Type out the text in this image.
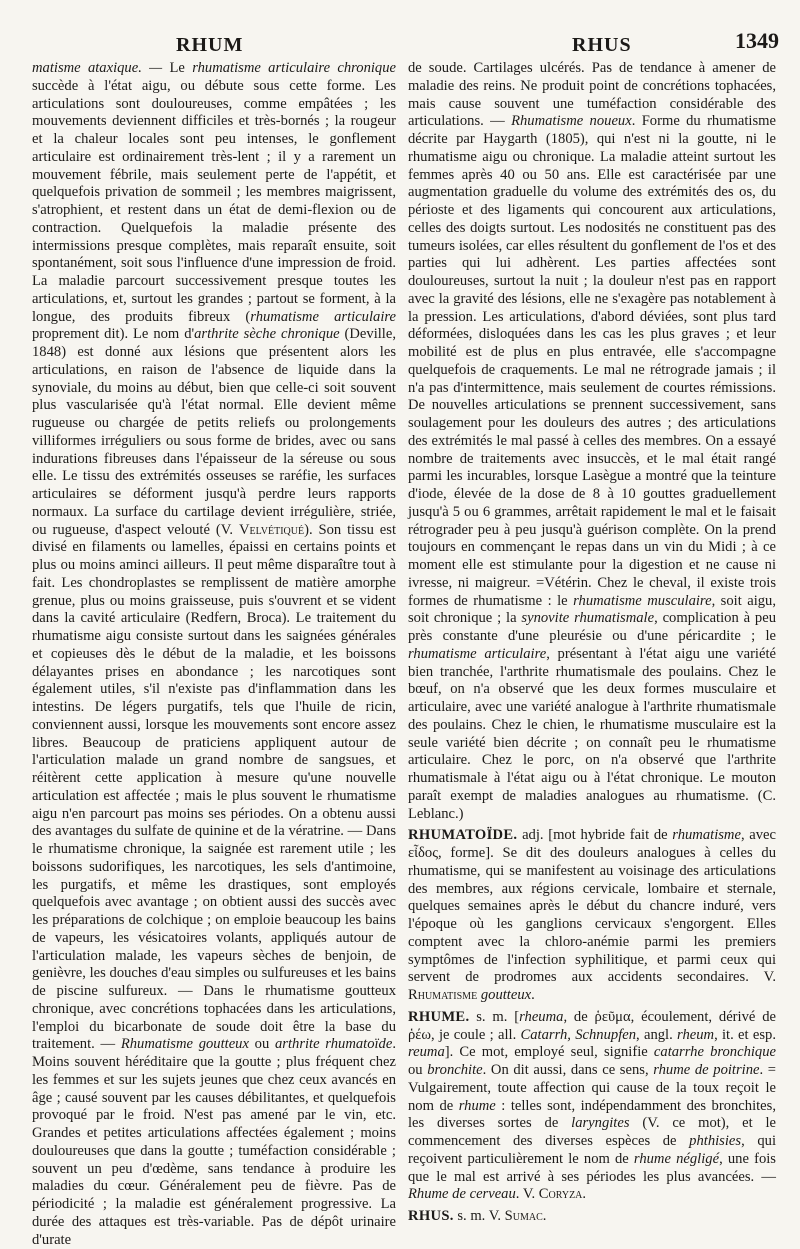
RHUM	RHUS	1349

matisme ataxique. — Le rhumatisme articulaire chronique succède à l'état aigu, ou débute sous cette forme. Les articulations sont douloureuses, comme empâtées ; les mouvements deviennent difficiles et très-bornés ; la rougeur et la chaleur locales sont peu intenses, le gonflement articulaire est ordinairement très-lent ; il y a rarement un mouvement fébrile, mais seulement perte de l'appétit, et quelquefois privation de sommeil ; les membres maigrissent, s'atrophient, et restent dans un état de demi-flexion ou de contraction. Quelquefois la maladie présente des intermissions presque complètes, mais reparaît ensuite, soit spontanément, soit sous l'influence d'une impression de froid. La maladie parcourt successivement presque toutes les articulations, et, surtout les grandes ; partout se forment, à la longue, des produits fibreux (rhumatisme articulaire proprement dit). Le nom d'arthrite sèche chronique (Deville, 1848) est donné aux lésions que présentent alors les articulations, en raison de l'absence de liquide dans la synoviale, du moins au début, bien que celle-ci soit souvent plus vascularisée qu'à l'état normal. Elle devient même rugueuse ou chargée de petits reliefs ou prolongements villiformes irréguliers ou sous forme de brides, avec ou sans indurations fibreuses dans l'épaisseur de la séreuse ou sous elle. Le tissu des extrémités osseuses se raréfie, les surfaces articulaires se déforment jusqu'à perdre leurs rapports normaux. La surface du cartilage devient irrégulière, striée, ou rugueuse, d'aspect velouté (V. Velvétiqué). Son tissu est divisé en filaments ou lamelles, épaissi en certains points et plus ou moins aminci ailleurs. Il peut même disparaître tout à fait. Les chondroplastes se remplissent de matière amorphe grenue, plus ou moins graisseuse, puis s'ouvrent et se vident dans la cavité articulaire (Redfern, Broca). Le traitement du rhumatisme aigu consiste surtout dans les saignées générales et copieuses dès le début de la maladie, et les boissons délayantes prises en abondance ; les narcotiques sont également utiles, s'il n'existe pas d'inflammation dans les intestins. De légers purgatifs, tels que l'huile de ricin, conviennent aussi, lorsque les mouvements sont encore assez libres. Beaucoup de praticiens appliquent autour de l'articulation malade un grand nombre de sangsues, et réitèrent cette application à mesure qu'une nouvelle articulation est affectée ; mais le plus souvent le rhumatisme aigu n'en parcourt pas moins ses périodes. On a obtenu aussi des avantages du sulfate de quinine et de la vératrine. — Dans le rhumatisme chronique, la saignée est rarement utile ; les boissons sudorifiques, les narcotiques, les sels d'antimoine, les purgatifs, et même les drastiques, sont employés quelquefois avec avantage ; on obtient aussi des succès avec les préparations de colchique ; on emploie beaucoup les bains de vapeurs, les vésicatoires volants, appliqués autour de l'articulation malade, les vapeurs sèches de benjoin, de genièvre, les douches d'eau simples ou sulfureuses et les bains de piscine sulfureux. — Dans le rhumatisme goutteux chronique, avec concrétions tophacées dans les articulations, l'emploi du bicarbonate de soude doit être la base du traitement. — Rhumatisme goutteux ou arthrite rhumatoïde. Moins souvent héréditaire que la goutte ; plus fréquent chez les femmes et sur les sujets jeunes que chez ceux avancés en âge ; causé souvent par les causes débilitantes, et quelquefois provoqué par le froid. N'est pas amené par le vin, etc. Grandes et petites articulations affectées également ; moins douloureuses que dans la goutte ; tuméfaction considérable ; souvent un peu d'œdème, sans tendance à produire les maladies du cœur. Généralement peu de fièvre. Pas de périodicité ; la maladie est généralement progressive. La durée des attaques est très-variable. Pas de dépôt urinaire d'urate

de soude. Cartilages ulcérés. Pas de tendance à amener de maladie des reins. Ne produit point de concrétions tophacées, mais cause souvent une tuméfaction considérable des articulations. — Rhumatisme noueux. Forme du rhumatisme décrite par Haygarth (1805), qui n'est ni la goutte, ni le rhumatisme aigu ou chronique. La maladie atteint surtout les femmes après 40 ou 50 ans. Elle est caractérisée par une augmentation graduelle du volume des extrémités des os, du périoste et des ligaments qui concourent aux articulations, celles des doigts surtout. Les nodosités ne constituent pas des tumeurs isolées, car elles résultent du gonflement de l'os et des parties qui lui adhèrent. Les parties affectées sont douloureuses, surtout la nuit ; la douleur n'est pas en rapport avec la gravité des lésions, elle ne s'exagère pas notablement à la pression. Les articulations, d'abord déviées, sont plus tard déformées, disloquées dans les cas les plus graves ; et leur mobilité est de plus en plus entravée, elle s'accompagne quelquefois de craquements. Le mal ne rétrograde jamais ; il n'a pas d'intermittence, mais seulement de courtes rémissions. De nouvelles articulations se prennent successivement, sans soulagement pour les douleurs des autres ; des articulations des extrémités le mal passé à celles des membres. On a essayé nombre de traitements avec insuccès, et le mal était rangé parmi les incurables, lorsque Lasègue a montré que la teinture d'iode, élevée de la dose de 8 à 10 gouttes graduellement jusqu'à 5 ou 6 grammes, arrêtait rapidement le mal et le faisait rétrograder peu à peu jusqu'à guérison complète. On la prend toujours en commençant le repas dans un vin du Midi ; à ce moment elle est stimulante pour la digestion et ne cause ni ivresse, ni maigreur. =Vétérin. Chez le cheval, il existe trois formes de rhumatisme : le rhumatisme musculaire, soit aigu, soit chronique ; la synovite rhumatismale, complication à peu près constante d'une pleurésie ou d'une péricardite ; le rhumatisme articulaire, présentant à l'état aigu une variété bien tranchée, l'arthrite rhumatismale des poulains. Chez le bœuf, on n'a observé que les deux formes musculaire et articulaire, avec une variété analogue à l'arthrite rhumatismale des poulains. Chez le chien, le rhumatisme musculaire est la seule variété bien décrite ; on connaît peu le rhumatisme articulaire. Chez le porc, on n'a observé que l'arthrite rhumatismale à l'état aigu ou à l'état chronique. Le mouton paraît exempt de maladies analogues au rhumatisme. (C. Leblanc.)

RHUMATOÏDE. adj. [mot hybride fait de rhumatisme, avec εἶδος, forme]. Se dit des douleurs analogues à celles du rhumatisme, qui se manifestent au voisinage des articulations des membres, aux régions cervicale, lombaire et sternale, quelques semaines après le début du chancre induré, vers l'époque où les ganglions cervicaux s'engorgent. Elles comptent avec la chloro-anémie parmi les premiers symptômes de l'infection syphilitique, et parmi ceux qui servent de prodromes aux accidents secondaires. V. Rhumatisme goutteux.

RHUME. s. m. [rheuma, de ῥεῦμα, écoulement, dérivé de ῥέω, je coule ; all. Catarrh, Schnupfen, angl. rheum, it. et esp. reuma]. Ce mot, employé seul, signifie catarrhe bronchique ou bronchite. On dit aussi, dans ce sens, rhume de poitrine. = Vulgairement, toute affection qui cause de la toux reçoit le nom de rhume : telles sont, indépendamment des bronchites, les diverses sortes de laryngites (V. ce mot), et le commencement des diverses espèces de phthisies, qui reçoivent particulièrement le nom de rhume négligé, une fois que le mal est arrivé à ses périodes les plus avancées. — Rhume de cerveau. V. Coryza.

RHUS. s. m. V. Sumac.
